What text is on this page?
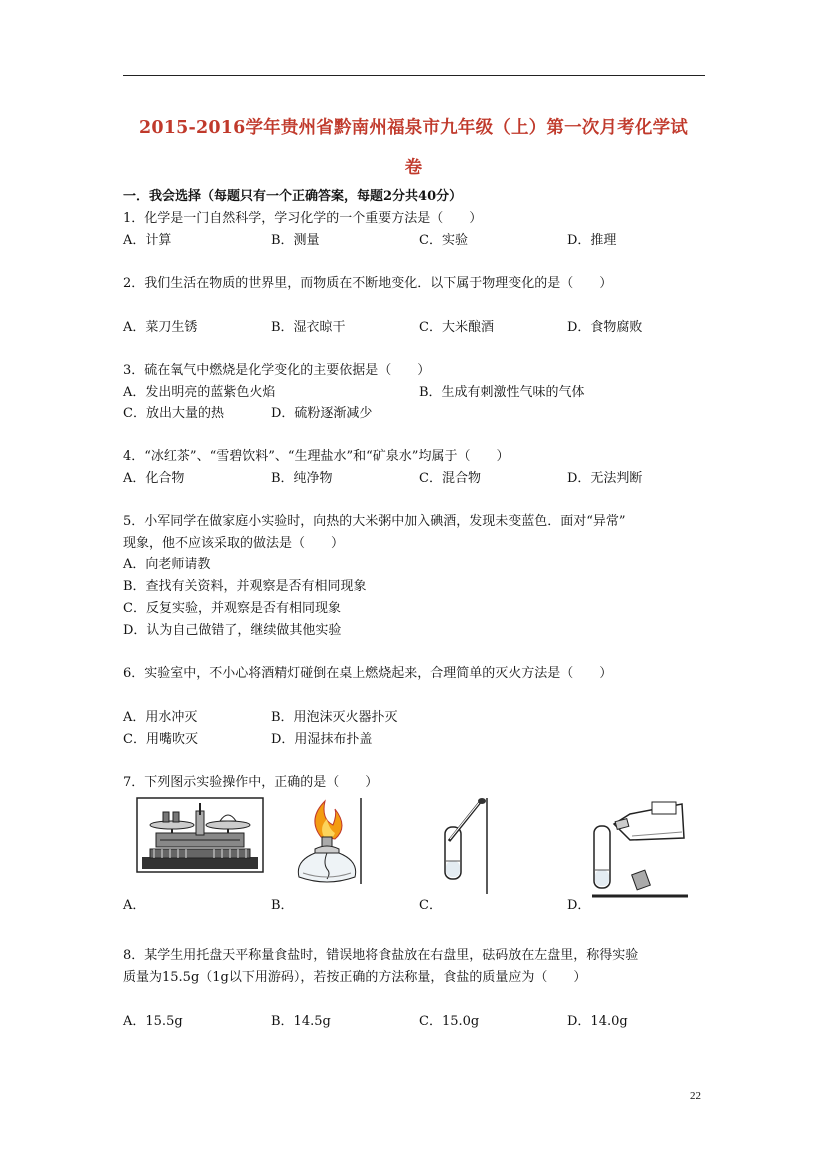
2015-2016学年贵州省黔南州福泉市九年级（上）第一次月考化学试
卷
一．我会选择（每题只有一个正确答案，每题2分共40分）
1．化学是一门自然科学，学习化学的一个重要方法是（　　）
A．计算	B．测量	C．实验	D．推理
2．我们生活在物质的世界里，而物质在不断地变化．以下属于物理变化的是（　　）
A．菜刀生锈	B．湿衣晾干	C．大米酿酒	D．食物腐败
3．硫在氧气中燃烧是化学变化的主要依据是（　　）
A．发出明亮的蓝紫色火焰	B．生成有刺激性气味的气体
C．放出大量的热	D．硫粉逐渐减少
4．“冰红茶”、“雪碧饮料”、“生理盐水”和“矿泉水”均属于（　　）
A．化合物	B．纯净物	C．混合物	D．无法判断
5．小军同学在做家庭小实验时，向热的大米粥中加入碘酒，发现未变蓝色．面对“异常”
现象，他不应该采取的做法是（　　）
A．向老师请教
B．查找有关资料，并观察是否有相同现象
C．反复实验，并观察是否有相同现象
D．认为自己做错了，继续做其他实验
6．实验室中，不小心将酒精灯碰倒在桌上燃烧起来，合理简单的灭火方法是（　　）
A．用水冲灭	B．用泡沫灭火器扑灭
C．用嘴吹灭	D．用湿抹布扑盖
7．下列图示实验操作中，正确的是（　　）
A．	B．	C．	D．
8．某学生用托盘天平称量食盐时，错误地将食盐放在右盘里，砝码放在左盘里，称得实验
质量为15.5g（1g以下用游码），若按正确的方法称量，食盐的质量应为（　　）
A．15.5g	B．14.5g	C．15.0g	D．14.0g
22
